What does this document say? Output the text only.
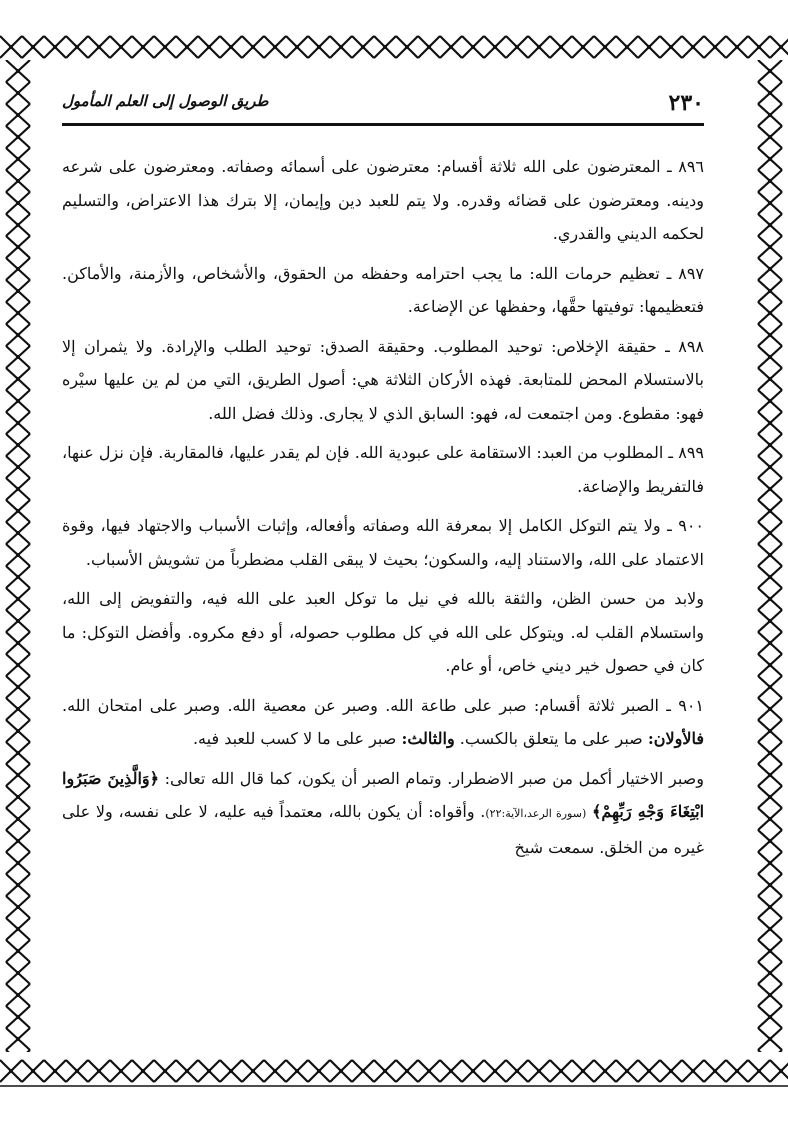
٢٣٠
طريق الوصول إلى العلم المأمول

٨٩٦ ـ المعترضون على الله ثلاثة أقسام: معترضون على أسمائه وصفاته. ومعترضون على شرعه ودينه. ومعترضون على قضائه وقدره. ولا يتم للعبد دين وإيمان، إلا بترك هذا الاعتراض، والتسليم لحكمه الديني والقدري.

٨٩٧ ـ تعظيم حرمات الله: ما يجب احترامه وحفظه من الحقوق، والأشخاص، والأزمنة، والأماكن. فتعظيمها: توفيتها حقَّها، وحفظها عن الإضاعة.

٨٩٨ ـ حقيقة الإخلاص: توحيد المطلوب. وحقيقة الصدق: توحيد الطلب والإرادة. ولا يثمران إلا بالاستسلام المحض للمتابعة. فهذه الأركان الثلاثة هي: أصول الطريق، التي من لم ين عليها سيْره فهو: مقطوع. ومن اجتمعت له، فهو: السابق الذي لا يجارى. وذلك فضل الله.

٨٩٩ ـ المطلوب من العبد: الاستقامة على عبودية الله. فإن لم يقدر عليها، فالمقاربة. فإن نزل عنها، فالتفريط والإضاعة.

٩٠٠ ـ ولا يتم التوكل الكامل إلا بمعرفة الله وصفاته وأفعاله، وإثبات الأسباب والاجتهاد فيها، وقوة الاعتماد على الله، والاستناد إليه، والسكون؛ بحيث لا يبقى القلب مضطرباً من تشويش الأسباب.

ولابد من حسن الظن، والثقة بالله في نيل ما توكل العبد على الله فيه، والتفويض إلى الله، واستسلام القلب له. ويتوكل على الله في كل مطلوب حصوله، أو دفع مكروه. وأفضل التوكل: ما كان في حصول خير ديني خاص، أو عام.

٩٠١ ـ الصبر ثلاثة أقسام: صبر على طاعة الله. وصبر عن معصية الله. وصبر على امتحان الله. فالأولان: صبر على ما يتعلق بالكسب. والثالث: صبر على ما لا كسب للعبد فيه.

وصبر الاختيار أكمل من صبر الاضطرار. وتمام الصبر أن يكون، كما قال الله تعالى: ﴿وَالَّذِينَ صَبَرُوا ابْتِغَاءَ وَجْهِ رَبِّهِمْ﴾ (سورة الرعد،الآية:٢٢). وأقواه: أن يكون بالله، معتمداً فيه عليه، لا على نفسه، ولا على غيره من الخلق. سمعت شيخ
